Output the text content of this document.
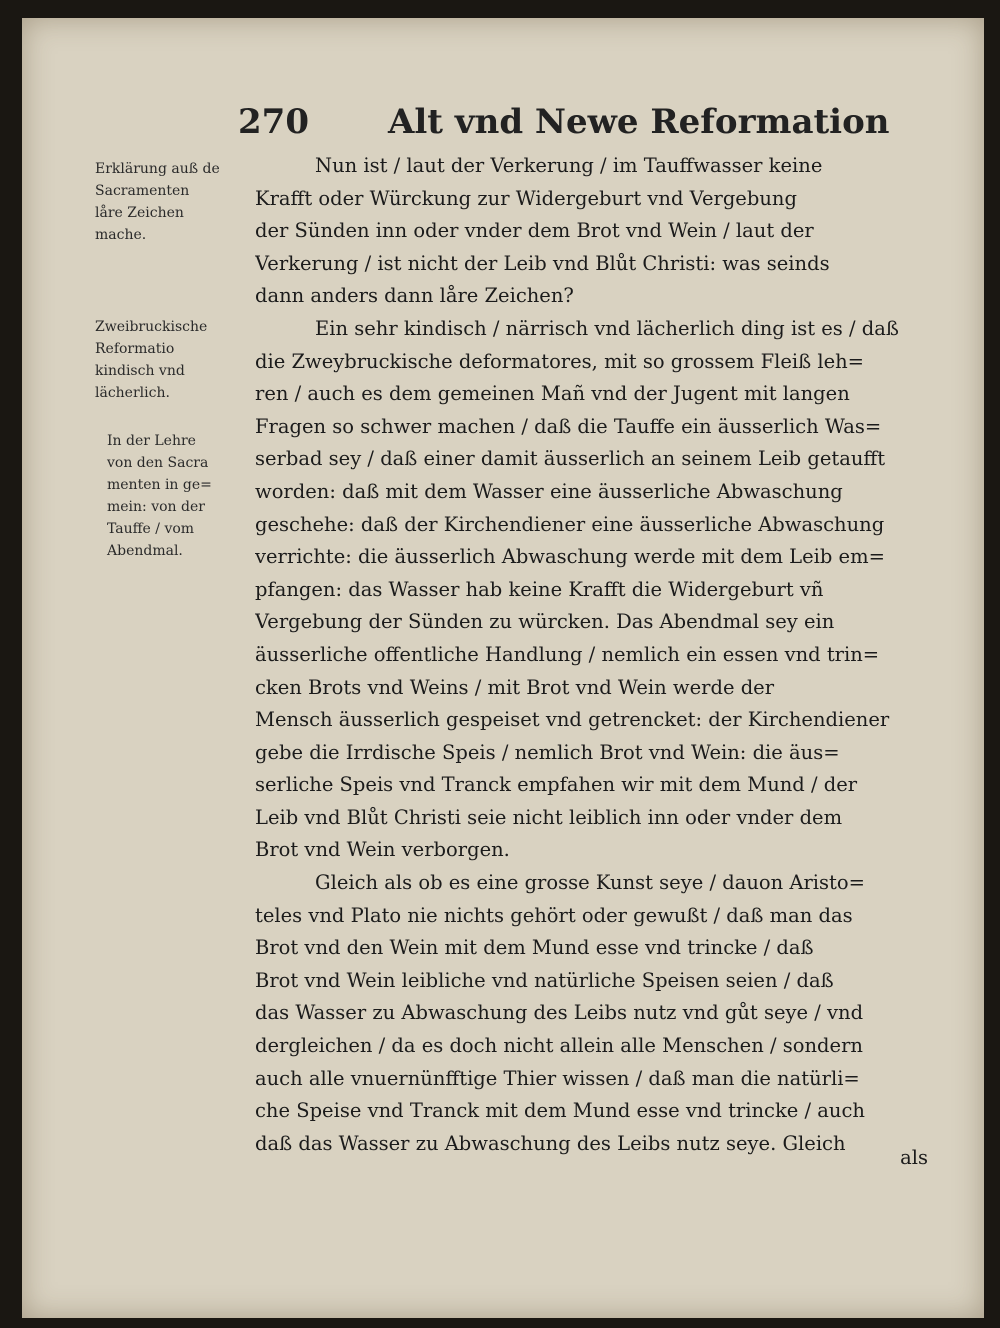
270 Alt vnd Newe Reformation
Erklärung auß de
Sacramenten
låre Zeichen
mache.
Zweibruckische
Reformatio
kindisch vnd
lächerlich.
In der Lehre
von den Sacra
menten in ge=
mein: von der
Tauffe / vom
Abendmal.
Nun ist / laut der Verkerung / im Tauffwasser keine
Krafft oder Würckung zur Widergeburt vnd Vergebung
der Sünden inn oder vnder dem Brot vnd Wein / laut der
Verkerung / ist nicht der Leib vnd Blůt Christi: was seinds
dann anders dann låre Zeichen?
Ein sehr kindisch / närrisch vnd lächerlich ding ist es / daß
die Zweybruckische deformatores, mit so grossem Fleiß leh=
ren / auch es dem gemeinen Mañ vnd der Jugent mit langen
Fragen so schwer machen / daß die Tauffe ein äusserlich Was=
serbad sey / daß einer damit äusserlich an seinem Leib getaufft
worden: daß mit dem Wasser eine äusserliche Abwaschung
geschehe: daß der Kirchendiener eine äusserliche Abwaschung
verrichte: die äusserlich Abwaschung werde mit dem Leib em=
pfangen: das Wasser hab keine Krafft die Widergeburt vñ
Vergebung der Sünden zu würcken. Das Abendmal sey ein
äusserliche offentliche Handlung / nemlich ein essen vnd trin=
cken Brots vnd Weins / mit Brot vnd Wein werde der
Mensch äusserlich gespeiset vnd getrencket: der Kirchendiener
gebe die Irrdische Speis / nemlich Brot vnd Wein: die äus=
serliche Speis vnd Tranck empfahen wir mit dem Mund / der
Leib vnd Blůt Christi seie nicht leiblich inn oder vnder dem
Brot vnd Wein verborgen.
Gleich als ob es eine grosse Kunst seye / dauon Aristo=
teles vnd Plato nie nichts gehört oder gewußt / daß man das
Brot vnd den Wein mit dem Mund esse vnd trincke / daß
Brot vnd Wein leibliche vnd natürliche Speisen seien / daß
das Wasser zu Abwaschung des Leibs nutz vnd gůt seye / vnd
dergleichen / da es doch nicht allein alle Menschen / sondern
auch alle vnuernünfftige Thier wissen / daß man die natürli=
che Speise vnd Tranck mit dem Mund esse vnd trincke / auch
daß das Wasser zu Abwaschung des Leibs nutz seye. Gleich
als
